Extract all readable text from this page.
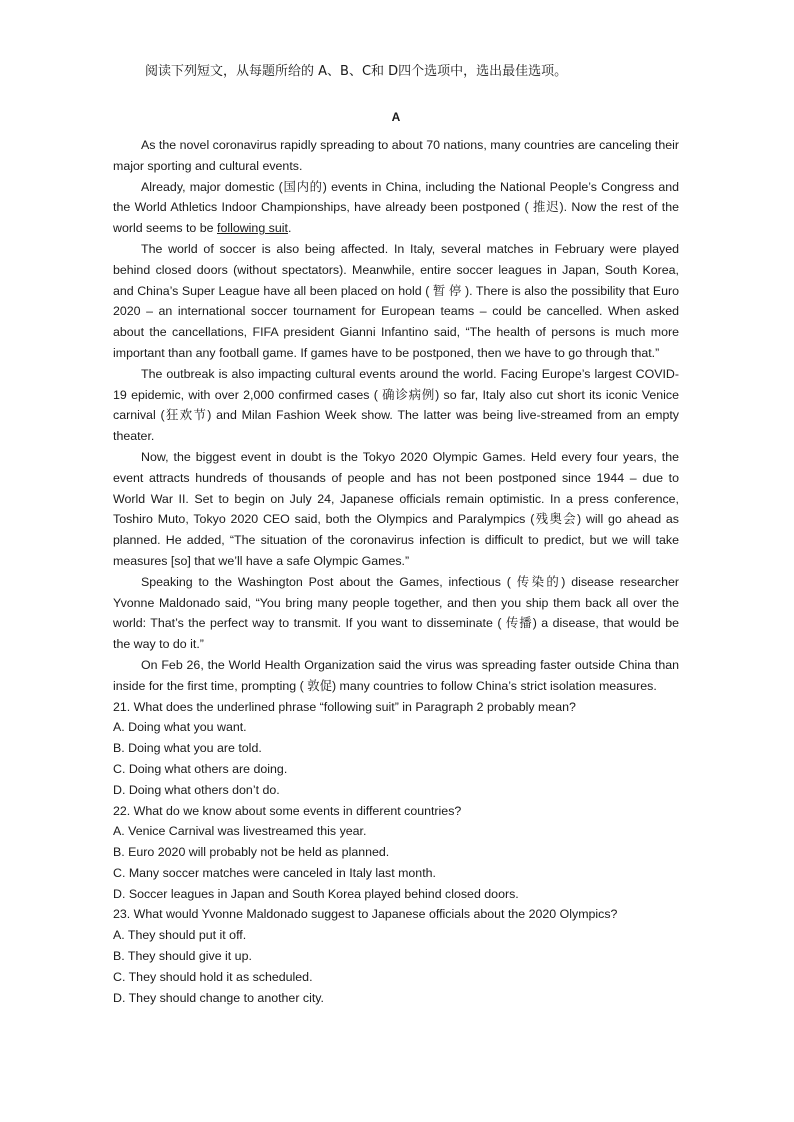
阅读下列短文，从每题所给的 A、B、C和 D四个选项中，选出最佳选项。
A

As the novel coronavirus rapidly spreading to about 70 nations, many countries are canceling their major sporting and cultural events.

Already, major domestic (国内的) events in China, including the National People’s Congress and the World Athletics Indoor Championships, have already been postponed ( 推迟). Now the rest of the world seems to be following suit.

The world of soccer is also being affected. In Italy, several matches in February were played behind closed doors (without spectators). Meanwhile, entire soccer leagues in Japan, South Korea, and China’s Super League have all been placed on hold ( 暂 停 ). There is also the possibility that Euro 2020 – an international soccer tournament for European teams – could be cancelled. When asked about the cancellations, FIFA president Gianni Infantino said, “The health of persons is much more important than any football game. If games have to be postponed, then we have to go through that.”

The outbreak is also impacting cultural events around the world. Facing Europe’s largest COVID-19 epidemic, with over 2,000 confirmed cases ( 确诊病例) so far, Italy also cut short its iconic Venice carnival (狂欢节) and Milan Fashion Week show. The latter was being live-streamed from an empty theater.

Now, the biggest event in doubt is the Tokyo 2020 Olympic Games. Held every four years, the event attracts hundreds of thousands of people and has not been postponed since 1944 – due to World War II. Set to begin on July 24, Japanese officials remain optimistic. In a press conference, Toshiro Muto, Tokyo 2020 CEO said, both the Olympics and Paralympics (残奥会) will go ahead as planned. He added, “The situation of the coronavirus infection is difficult to predict, but we will take measures [so] that we’ll have a safe Olympic Games.”

Speaking to the Washington Post about the Games, infectious ( 传染的) disease researcher Yvonne Maldonado said, “You bring many people together, and then you ship them back all over the world: That’s the perfect way to transmit. If you want to disseminate ( 传播) a disease, that would be the way to do it.”

On Feb 26, the World Health Organization said the virus was spreading faster outside China than inside for the first time, prompting ( 敦促) many countries to follow China’s strict isolation measures.

21. What does the underlined phrase “following suit” in Paragraph 2 probably mean?

A. Doing what you want.

B. Doing what you are told.

C. Doing what others are doing.

D. Doing what others don’t do.

22. What do we know about some events in different countries?

A. Venice Carnival was livestreamed this year.

B. Euro 2020 will probably not be held as planned.

C. Many soccer matches were canceled in Italy last month.

D. Soccer leagues in Japan and South Korea played behind closed doors.

23. What would Yvonne Maldonado suggest to Japanese officials about the 2020 Olympics?

A. They should put it off.

B. They should give it up.

C. They should hold it as scheduled.

D. They should change to another city.
